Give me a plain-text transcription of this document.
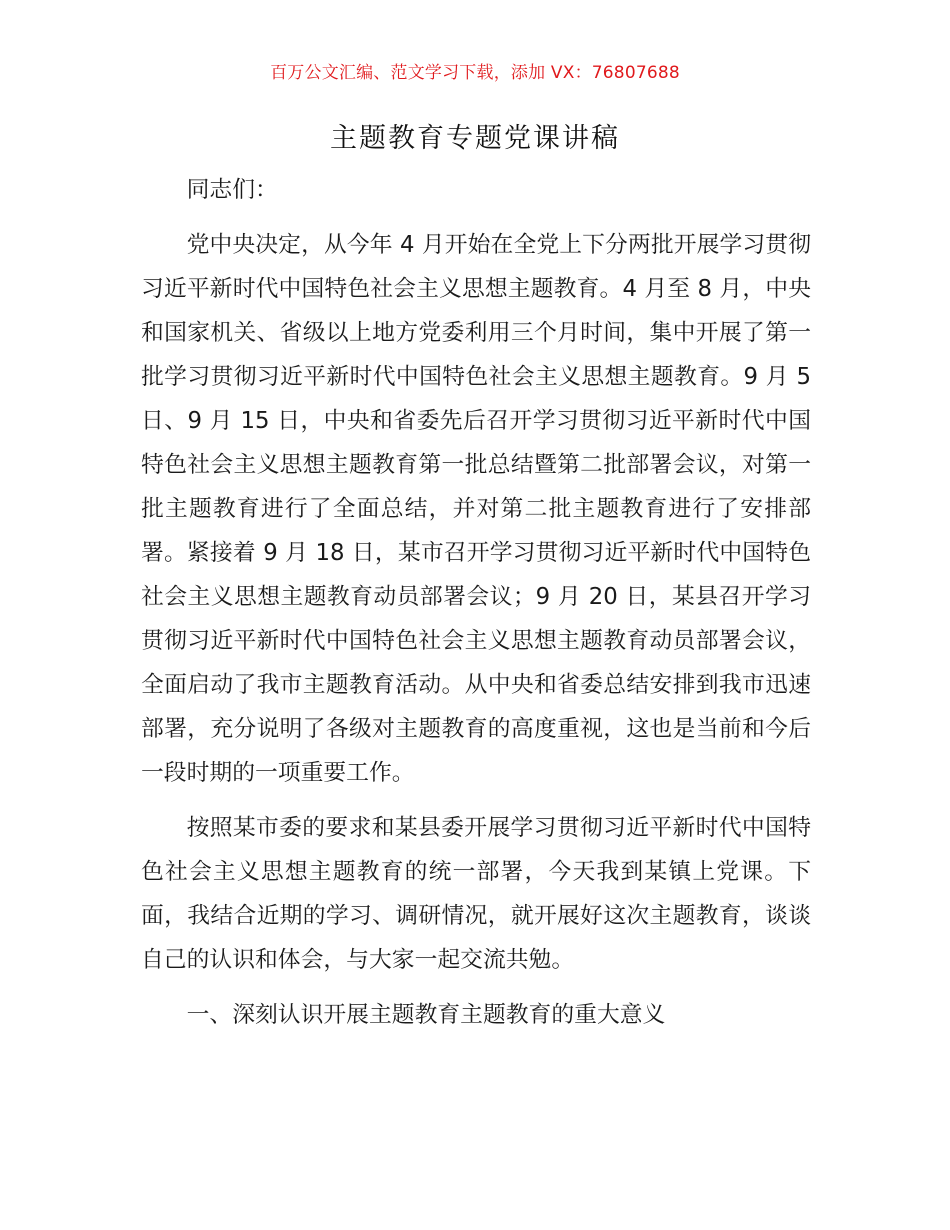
百万公文汇编、范文学习下载，添加 VX：76807688
主题教育专题党课讲稿

同志们：

党中央决定，从今年 4 月开始在全党上下分两批开展学习贯彻习近平新时代中国特色社会主义思想主题教育。4 月至 8 月，中央和国家机关、省级以上地方党委利用三个月时间，集中开展了第一批学习贯彻习近平新时代中国特色社会主义思想主题教育。9 月 5 日、9 月 15 日，中央和省委先后召开学习贯彻习近平新时代中国特色社会主义思想主题教育第一批总结暨第二批部署会议，对第一批主题教育进行了全面总结，并对第二批主题教育进行了安排部署。紧接着 9 月 18 日，某市召开学习贯彻习近平新时代中国特色社会主义思想主题教育动员部署会议；9 月 20 日，某县召开学习贯彻习近平新时代中国特色社会主义思想主题教育动员部署会议，全面启动了我市主题教育活动。从中央和省委总结安排到我市迅速部署，充分说明了各级对主题教育的高度重视，这也是当前和今后一段时期的一项重要工作。

按照某市委的要求和某县委开展学习贯彻习近平新时代中国特色社会主义思想主题教育的统一部署，今天我到某镇上党课。下面，我结合近期的学习、调研情况，就开展好这次主题教育，谈谈自己的认识和体会，与大家一起交流共勉。

一、深刻认识开展主题教育主题教育的重大意义
